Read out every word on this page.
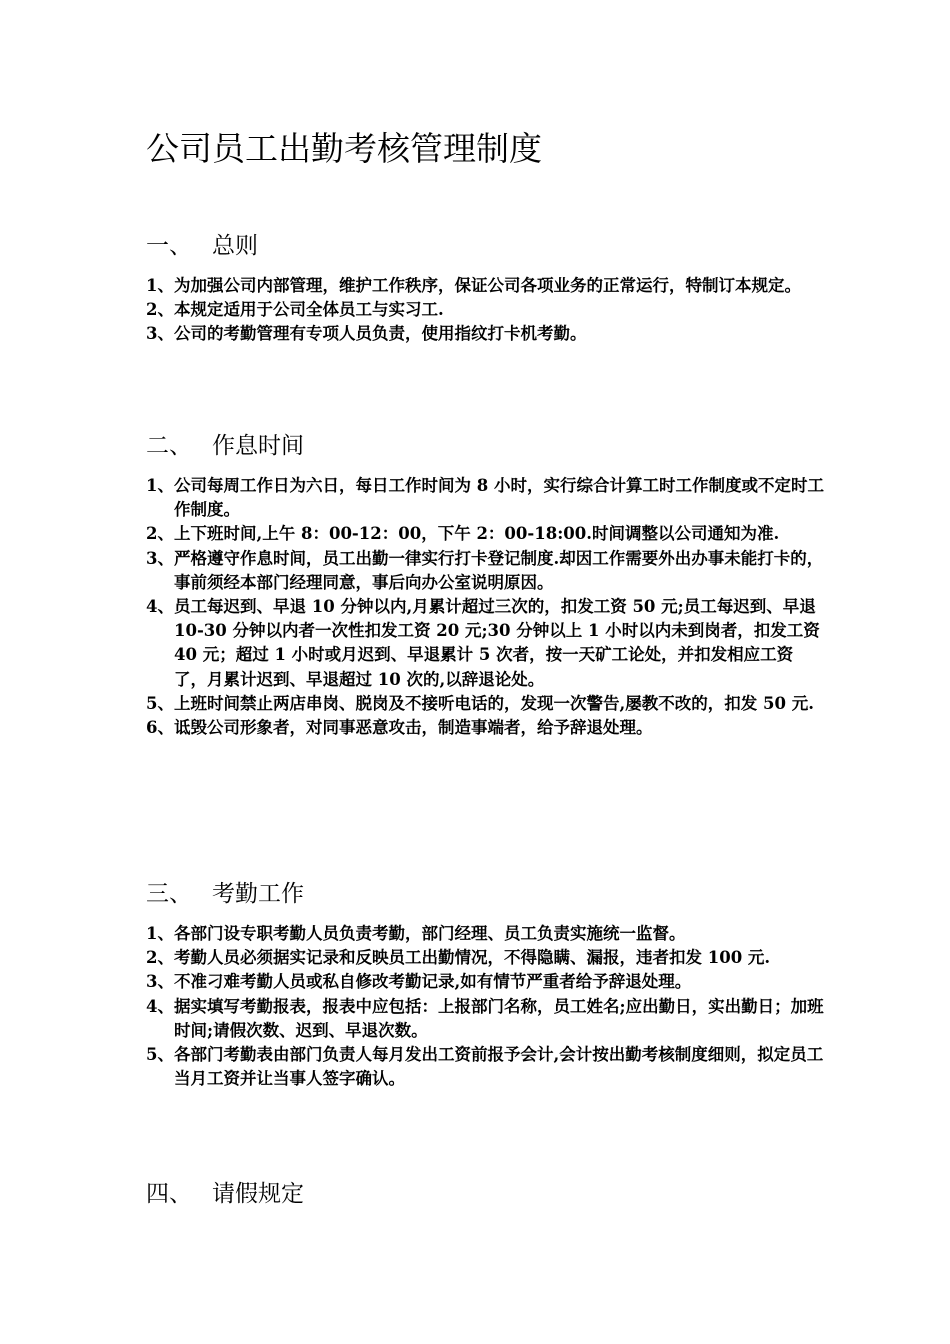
公司员工出勤考核管理制度
一、 总则
1、 为加强公司内部管理，维护工作秩序，保证公司各项业务的正常运行，特制订本规定。
2、 本规定适用于公司全体员工与实习工.
3、 公司的考勤管理有专项人员负责，使用指纹打卡机考勤。
二、 作息时间
1、 公司每周工作日为六日，每日工作时间为 8 小时，实行综合计算工时工作制度或不定时工作制度。
2、 上下班时间,上午 8：00-12：00，下午 2：00-18:00.时间调整以公司通知为准.
3、 严格遵守作息时间，员工出勤一律实行打卡登记制度.却因工作需要外出办事未能打卡的，事前须经本部门经理同意，事后向办公室说明原因。
4、 员工每迟到、早退 10 分钟以内,月累计超过三次的，扣发工资 50 元;员工每迟到、早退 10-30 分钟以内者一次性扣发工资 20 元;30 分钟以上 1 小时以内未到岗者，扣发工资 40 元；超过 1 小时或月迟到、早退累计 5 次者，按一天矿工论处，并扣发相应工资了，月累计迟到、早退超过 10 次的,以辞退论处。
5、 上班时间禁止两店串岗、脱岗及不接听电话的，发现一次警告,屡教不改的，扣发 50 元.
6、 诋毁公司形象者，对同事恶意攻击，制造事端者，给予辞退处理。
三、 考勤工作
1、 各部门设专职考勤人员负责考勤，部门经理、员工负责实施统一监督。
2、 考勤人员必须据实记录和反映员工出勤情况，不得隐瞒、漏报，违者扣发 100 元.
3、 不准刁难考勤人员或私自修改考勤记录,如有情节严重者给予辞退处理。
4、 据实填写考勤报表，报表中应包括：上报部门名称，员工姓名;应出勤日，实出勤日；加班时间;请假次数、迟到、早退次数。
5、 各部门考勤表由部门负责人每月发出工资前报予会计,会计按出勤考核制度细则，拟定员工当月工资并让当事人签字确认。
四、 请假规定
